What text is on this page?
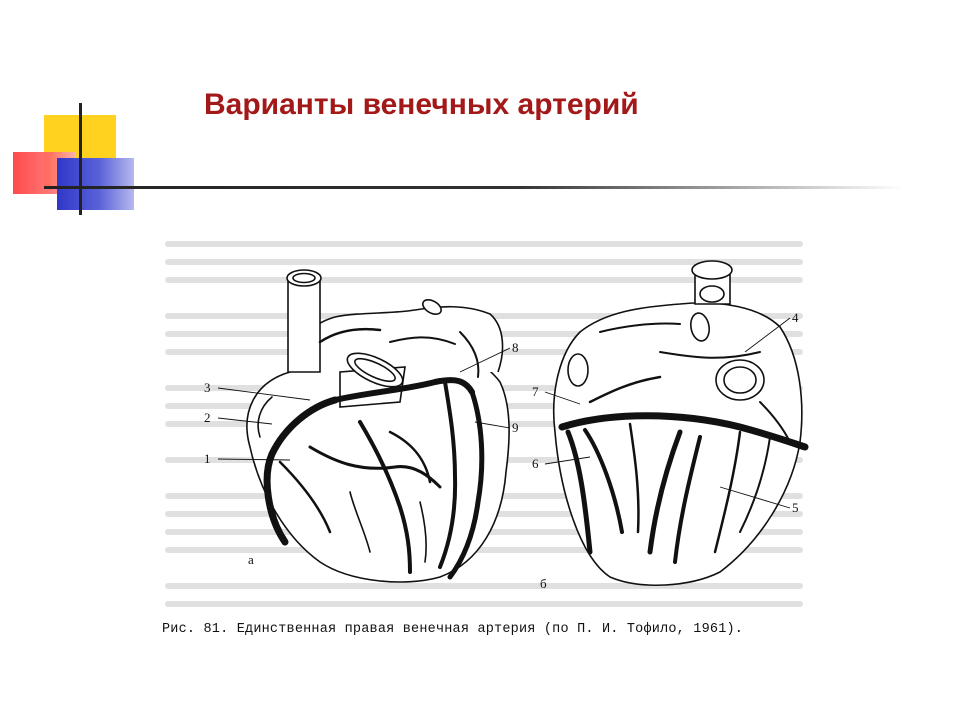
Варианты венечных артерий
1
2
3
4
5
6
7
8
9
а
б
Рис. 81. Единственная правая венечная артерия (по П. И. Тофило, 1961).
